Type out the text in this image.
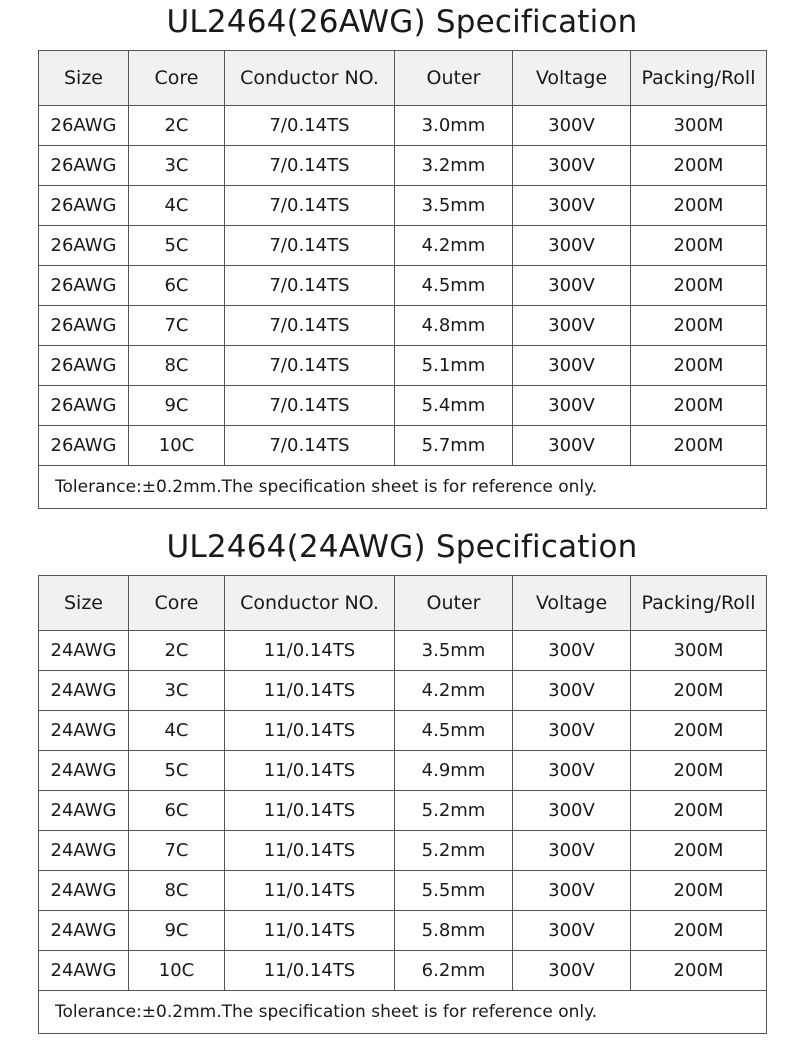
UL2464(26AWG) Specification
Size	Core	Conductor NO.	Outer	Voltage	Packing/Roll
26AWG	2C	7/0.14TS	3.0mm	300V	300M
26AWG	3C	7/0.14TS	3.2mm	300V	200M
26AWG	4C	7/0.14TS	3.5mm	300V	200M
26AWG	5C	7/0.14TS	4.2mm	300V	200M
26AWG	6C	7/0.14TS	4.5mm	300V	200M
26AWG	7C	7/0.14TS	4.8mm	300V	200M
26AWG	8C	7/0.14TS	5.1mm	300V	200M
26AWG	9C	7/0.14TS	5.4mm	300V	200M
26AWG	10C	7/0.14TS	5.7mm	300V	200M
Tolerance:±0.2mm.The specification sheet is for reference only.					
UL2464(24AWG) Specification
Size	Core	Conductor NO.	Outer	Voltage	Packing/Roll
24AWG	2C	11/0.14TS	3.5mm	300V	300M
24AWG	3C	11/0.14TS	4.2mm	300V	200M
24AWG	4C	11/0.14TS	4.5mm	300V	200M
24AWG	5C	11/0.14TS	4.9mm	300V	200M
24AWG	6C	11/0.14TS	5.2mm	300V	200M
24AWG	7C	11/0.14TS	5.2mm	300V	200M
24AWG	8C	11/0.14TS	5.5mm	300V	200M
24AWG	9C	11/0.14TS	5.8mm	300V	200M
24AWG	10C	11/0.14TS	6.2mm	300V	200M
Tolerance:±0.2mm.The specification sheet is for reference only.					
